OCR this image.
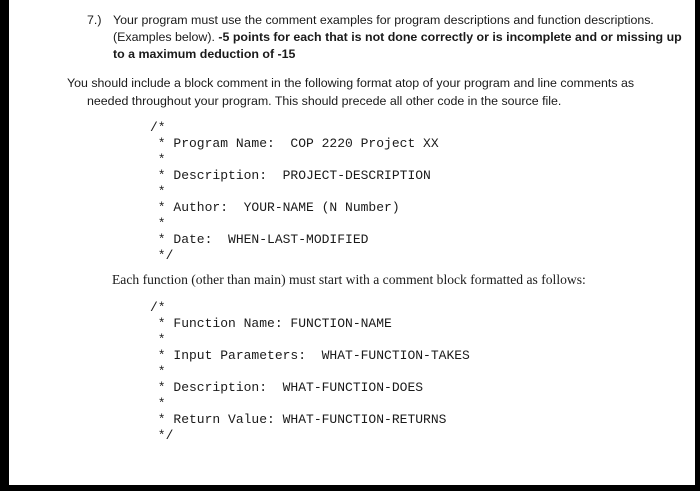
7.) Your program must use the comment examples for program descriptions and function descriptions. (Examples below). -5 points for each that is not done correctly or is incomplete and or missing up to a maximum deduction of -15
You should include a block comment in the following format atop of your program and line comments as
needed throughout your program. This should precede all other code in the source file.
/*
* Program Name:  COP 2220 Project XX
*
* Description:  PROJECT-DESCRIPTION
*
* Author:  YOUR-NAME (N Number)
*
* Date:  WHEN-LAST-MODIFIED
*/
Each function (other than main) must start with a comment block formatted as follows:
/*
* Function Name: FUNCTION-NAME
*
* Input Parameters:  WHAT-FUNCTION-TAKES
*
* Description:  WHAT-FUNCTION-DOES
*
* Return Value: WHAT-FUNCTION-RETURNS
*/
